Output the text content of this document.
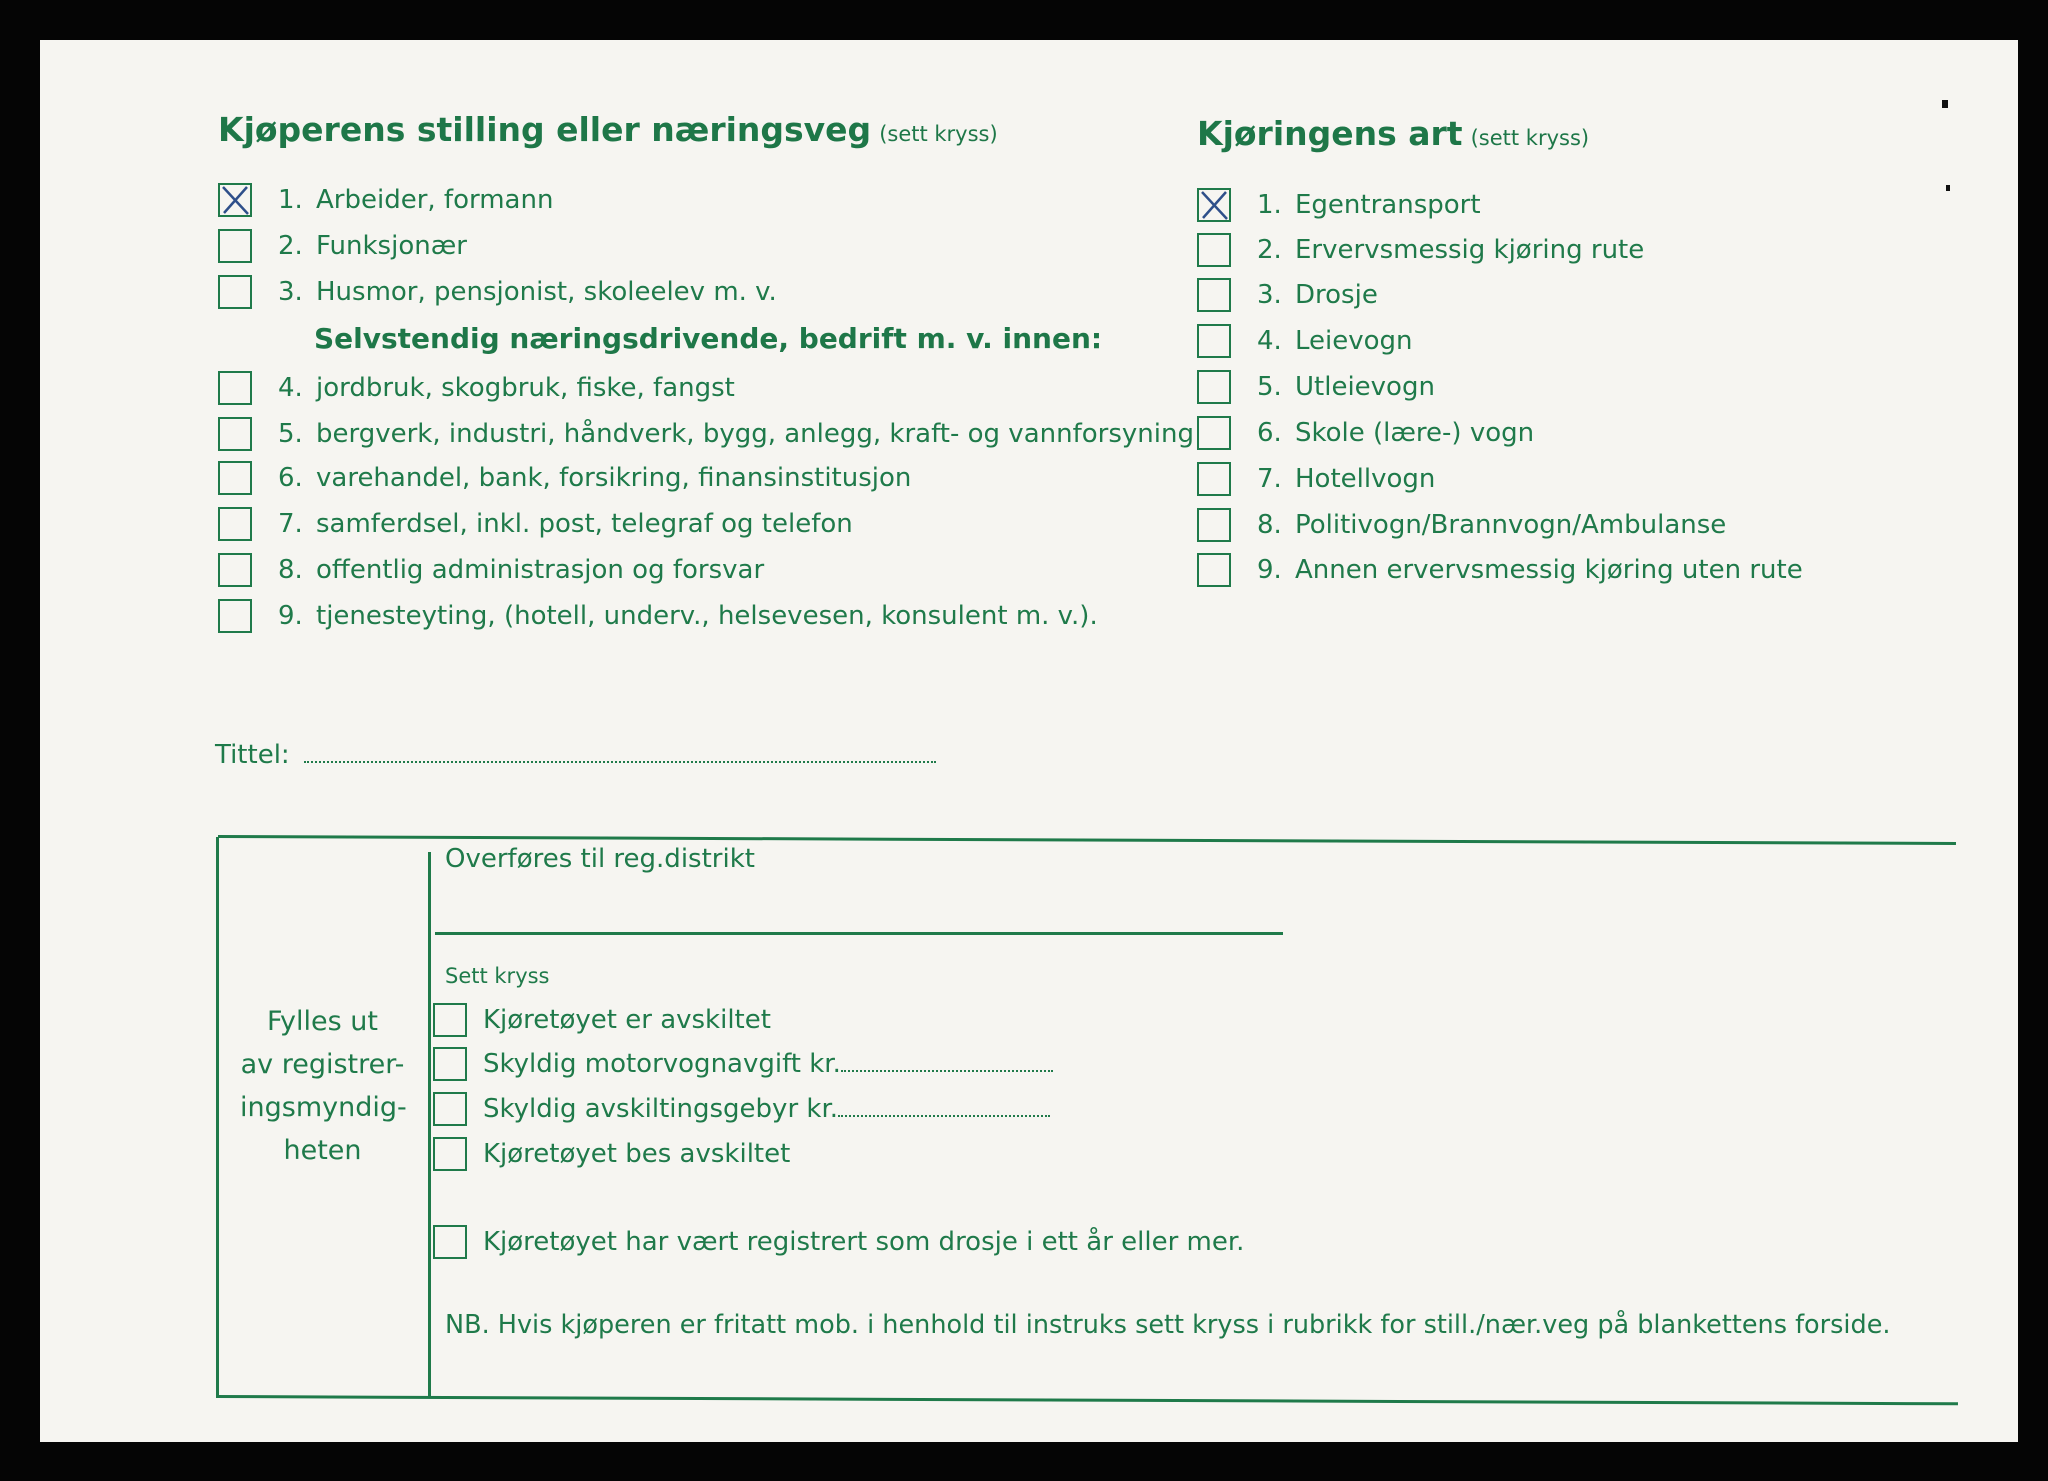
Kjøperens stilling eller næringsveg (sett kryss)
1. Arbeider, formann
2. Funksjonær
3. Husmor, pensjonist, skoleelev m. v.
Selvstendig næringsdrivende, bedrift m. v. innen:
4. jordbruk, skogbruk, fiske, fangst
5. bergverk, industri, håndverk, bygg, anlegg, kraft- og vannforsyning
6. varehandel, bank, forsikring, finansinstitusjon
7. samferdsel, inkl. post, telegraf og telefon
8. offentlig administrasjon og forsvar
9. tjenesteyting, (hotell, underv., helsevesen, konsulent m. v.).
Kjøringens art (sett kryss)
1. Egentransport
2. Ervervsmessig kjøring rute
3. Drosje
4. Leievogn
5. Utleievogn
6. Skole (lære-) vogn
7. Hotellvogn
8. Politivogn/Brannvogn/Ambulanse
9. Annen ervervsmessig kjøring uten rute
Tittel:
Fylles ut
av registrer-
ingsmyndig-
heten
Overføres til reg.distrikt
Sett kryss
Kjøretøyet er avskiltet
Skyldig motorvognavgift kr.
Skyldig avskiltingsgebyr kr.
Kjøretøyet bes avskiltet
Kjøretøyet har vært registrert som drosje i ett år eller mer.
NB. Hvis kjøperen er fritatt mob. i henhold til instruks sett kryss i rubrikk for still./nær.veg på blankettens forside.
